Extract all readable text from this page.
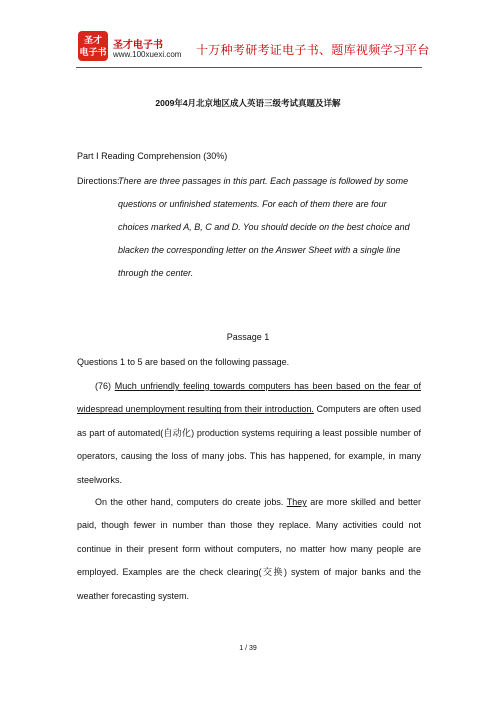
圣才
电子书
圣才电子书
www.100xuexi.com 十万种考研考证电子书、题库视频学习平台
2009年4月北京地区成人英语三级考试真题及详解
Part Ⅰ Reading Comprehension (30%)
Directions:
There are three passages in this part. Each passage is followed by some
questions or unfinished statements. For each of them there are four
choices marked A, B, C and D. You should decide on the best choice and
blacken the corresponding letter on the Answer Sheet with a single line
through the center.
Passage 1
Questions 1 to 5 are based on the following passage.
(76) Much unfriendly feeling towards computers has been based on the fear of widespread unemployment resulting from their introduction. Computers are often used as part of automated(自动化) production systems requiring a least possible number of operators, causing the loss of many jobs. This has happened, for example, in many steelworks.
On the other hand, computers do create jobs. They are more skilled and better paid, though fewer in number than those they replace. Many activities could not continue in their present form without computers, no matter how many people are employed. Examples are the check clearing(交换) system of major banks and the weather forecasting system.
1 / 39
